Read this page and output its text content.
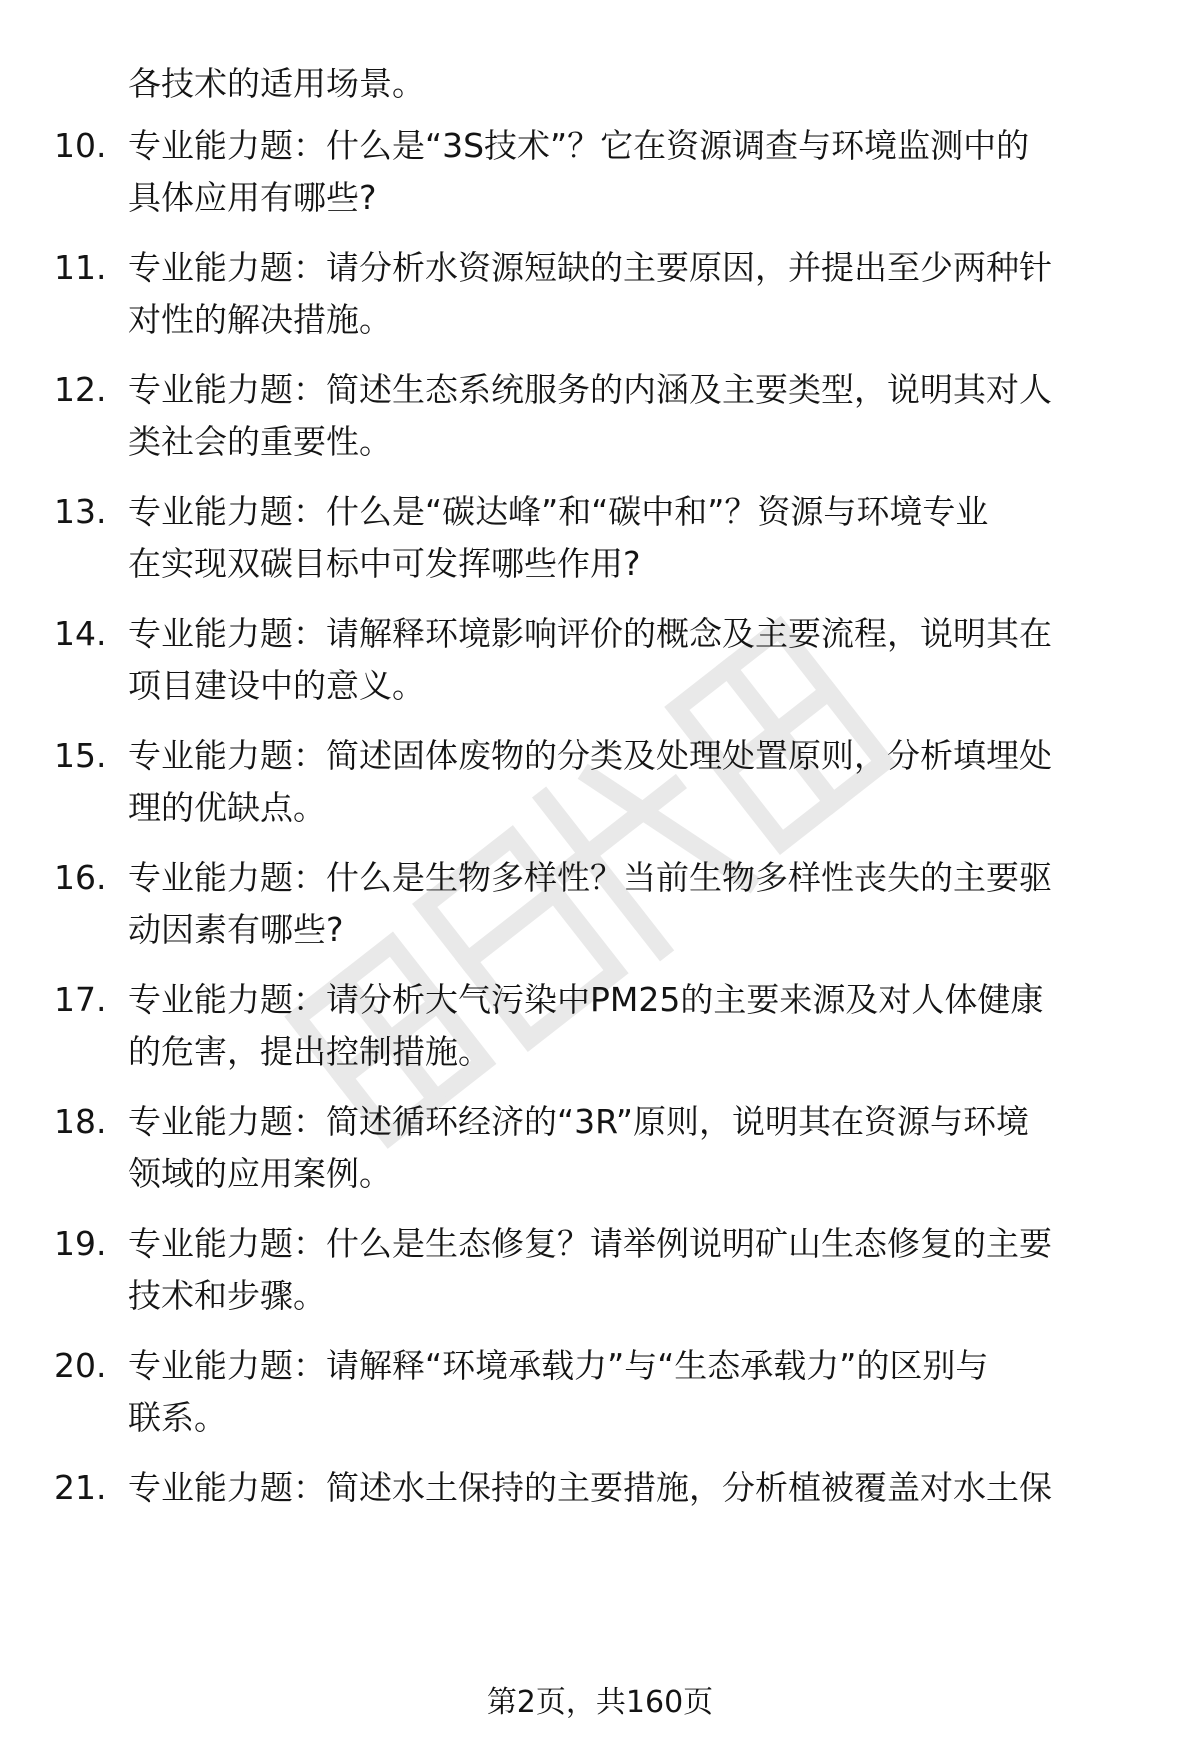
各技术的适用场景。
10. 专业能力题：什么是“3S技术”？它在资源调查与环境监测中的
具体应用有哪些?
11. 专业能力题：请分析水资源短缺的主要原因，并提出至少两种针
对性的解决措施。
12. 专业能力题：简述生态系统服务的内涵及主要类型，说明其对人
类社会的重要性。
13. 专业能力题：什么是“碳达峰”和“碳中和”？资源与环境专业
在实现双碳目标中可发挥哪些作用?
14. 专业能力题：请解释环境影响评价的概念及主要流程，说明其在
项目建设中的意义。
15. 专业能力题：简述固体废物的分类及处理处置原则，分析填埋处
理的优缺点。
16. 专业能力题：什么是生物多样性？当前生物多样性丧失的主要驱
动因素有哪些?
17. 专业能力题：请分析大气污染中PM25的主要来源及对人体健康
的危害，提出控制措施。
18. 专业能力题：简述循环经济的“3R”原则，说明其在资源与环境
领域的应用案例。
19. 专业能力题：什么是生态修复？请举例说明矿山生态修复的主要
技术和步骤。
20. 专业能力题：请解释“环境承载力”与“生态承载力”的区别与
联系。
21. 专业能力题：简述水土保持的主要措施，分析植被覆盖对水土保
第2页，共160页
